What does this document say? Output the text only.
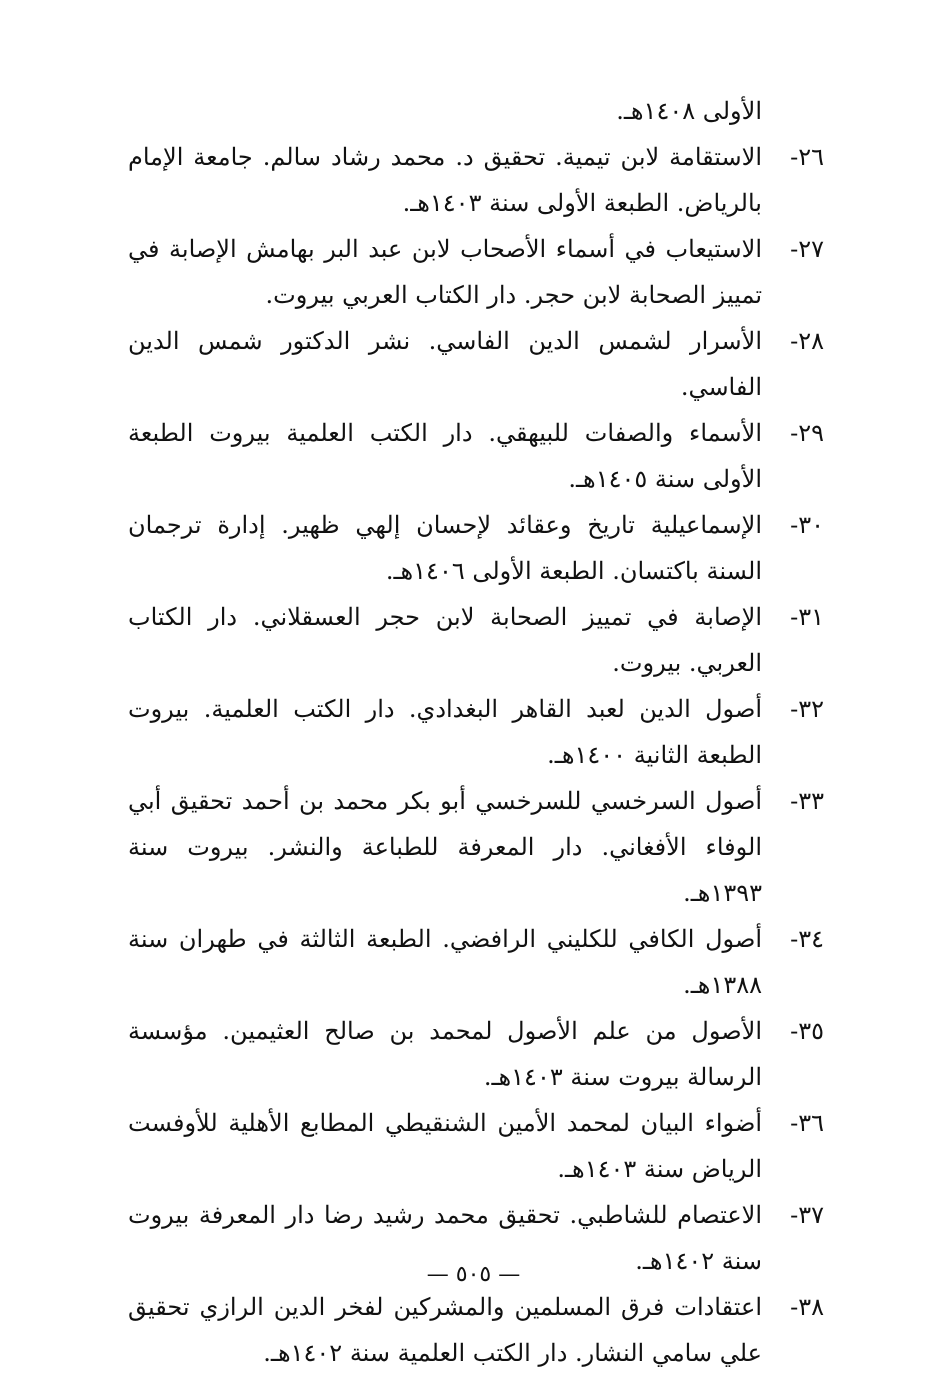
الأولى ١٤٠٨هـ.
٢٦-
الاستقامة لابن تيمية. تحقيق د. محمد رشاد سالم. جامعة الإمام بالرياض. الطبعة الأولى سنة ١٤٠٣هـ.
٢٧-
الاستيعاب في أسماء الأصحاب لابن عبد البر بهامش الإصابة في تمييز الصحابة لابن حجر. دار الكتاب العربي بيروت.
٢٨-
الأسرار لشمس الدين الفاسي. نشر الدكتور شمس الدين الفاسي.
٢٩-
الأسماء والصفات للبيهقي. دار الكتب العلمية بيروت الطبعة الأولى سنة ١٤٠٥هـ.
٣٠-
الإسماعيلية تاريخ وعقائد لإحسان إلهي ظهير. إدارة ترجمان السنة باكتسان. الطبعة الأولى ١٤٠٦هـ.
٣١-
الإصابة في تمييز الصحابة لابن حجر العسقلاني. دار الكتاب العربي. بيروت.
٣٢-
أصول الدين لعبد القاهر البغدادي. دار الكتب العلمية. بيروت الطبعة الثانية ١٤٠٠هـ.
٣٣-
أصول السرخسي للسرخسي أبو بكر محمد بن أحمد تحقيق أبي الوفاء الأفغاني. دار المعرفة للطباعة والنشر. بيروت سنة ١٣٩٣هـ.
٣٤-
أصول الكافي للكليني الرافضي. الطبعة الثالثة في طهران سنة ١٣٨٨هـ.
٣٥-
الأصول من علم الأصول لمحمد بن صالح العثيمين. مؤسسة الرسالة بيروت سنة ١٤٠٣هـ.
٣٦-
أضواء البيان لمحمد الأمين الشنقيطي المطابع الأهلية للأوفست الرياض سنة ١٤٠٣هـ.
٣٧-
الاعتصام للشاطبي. تحقيق محمد رشيد رضا دار المعرفة بيروت سنة ١٤٠٢هـ.
٣٨-
اعتقادات فرق المسلمين والمشركين لفخر الدين الرازي تحقيق علي سامي النشار. دار الكتب العلمية سنة ١٤٠٢هـ.
— ٥٠٥ —
